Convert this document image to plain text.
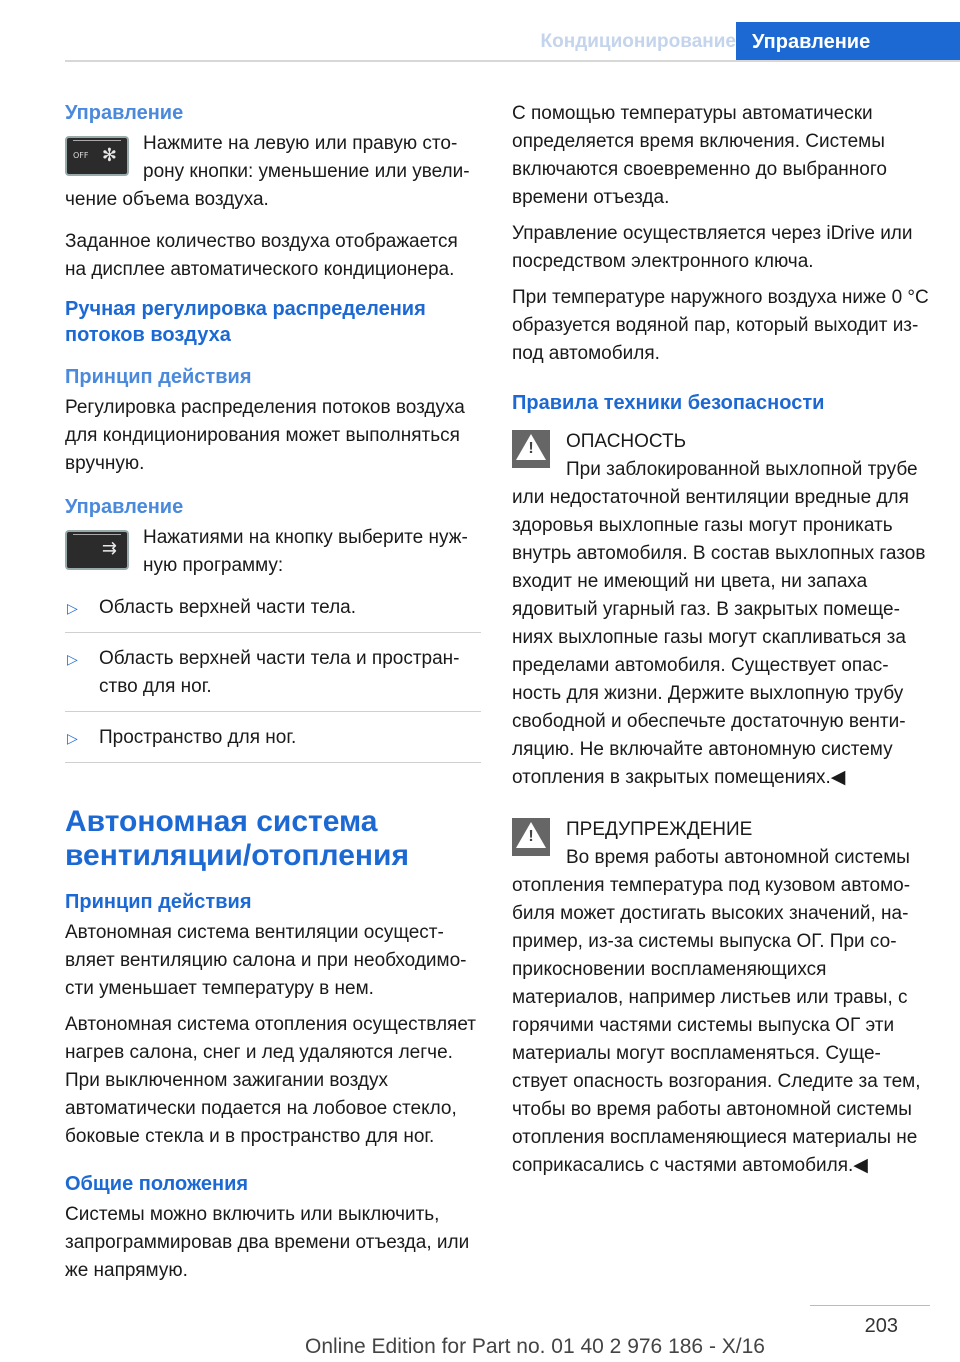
Кондиционирование Управление
Управление
OFF ✻
Нажмите на левую или правую сторону кнопки: уменьшение или увеличение объема воздуха.

Заданное количество воздуха отображается на дисплее автоматического кондиционера.

Ручная регулировка распределения потоков воздуха
Принцип действия

Регулировка распределения потоков воздуха для кондиционирования может выполняться вручную.

Управление
⇉ Нажатиями на кнопку выберите нужную программу:
▷ Область верхней части тела.
▷ Область верхней части тела и пространство для ног.
▷ Пространство для ног.
Автономная система вентиляции/отопления
Принцип действия

Автономная система вентиляции осуществляет вентиляцию салона и при необходимости уменьшает температуру в нем.

Автономная система отопления осуществляет нагрев салона, снег и лед удаляются легче. При выключенном зажигании воздух автоматически подается на лобовое стекло, боковые стекла и в пространство для ног.

Общие положения

Системы можно включить или выключить, запрограммировав два времени отъезда, или же напрямую.

С помощью температуры автоматически определяется время включения. Системы включаются своевременно до выбранного времени отъезда.

Управление осуществляется через iDrive или посредством электронного ключа.

При температуре наружного воздуха ниже 0 °C образуется водяной пар, который выходит из-под автомобиля.

Правила техники безопасности
!	ОПАСНОСТЬ
При заблокированной выхлопной трубе или недостаточной вентиляции вредные для здоровья выхлопные газы могут проникать внутрь автомобиля. В состав выхлопных газов входит не имеющий ни цвета, ни запаха ядовитый угарный газ. В закрытых помещениях выхлопные газы могут скапливаться за пределами автомобиля. Существует опасность для жизни. Держите выхлопную трубу свободной и обеспечьте достаточную вентиляцию. Не включайте автономную систему отопления в закрытых помещениях.◀
!	ПРЕДУПРЕЖДЕНИЕ
Во время работы автономной системы отопления температура под кузовом автомобиля может достигать высоких значений, например, из-за системы выпуска ОГ. При соприкосновении воспламеняющихся материалов, например листьев или травы, с горячими частями системы выпуска ОГ эти материалы могут воспламеняться. Существует опасность возгорания. Следите за тем, чтобы во время работы автономной системы отопления воспламеняющиеся материалы не соприкасались с частями автомобиля.◀
203
Online Edition for Part no. 01 40 2 976 186 - X/16
